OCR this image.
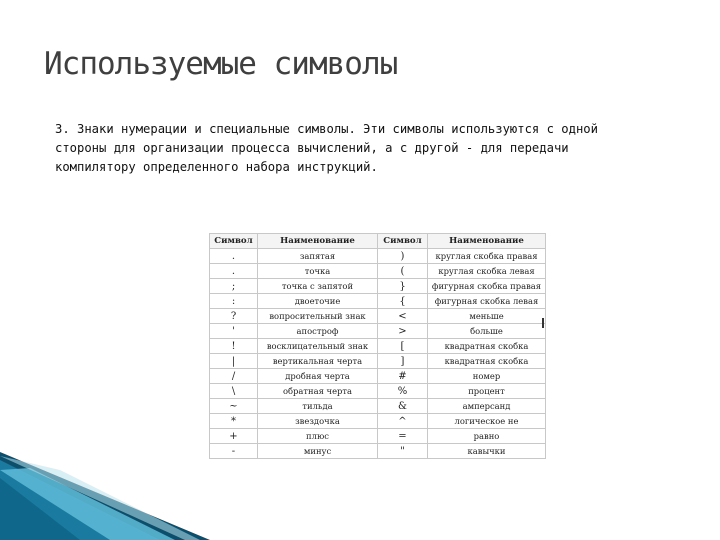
Используемые символы
3. Знаки нумерации и специальные символы. Эти символы используются с одной
стороны для организации процесса вычислений, а с другой - для передачи
компилятору определенного набора инструкций.
Символ	Наименование	Символ	Наименование
.	запятая	)	круглая скобка правая
.	точка	(	круглая скобка левая
;	точка с запятой	}	фигурная скобка правая
:	двоеточие	{	фигурная скобка левая
?	вопросительный знак	<	меньше
'	апостроф	>	больше
!	восклицательный знак	[	квадратная скобка
|	вертикальная черта	]	квадратная скобка
/	дробная черта	#	номер
\	обратная черта	%	процент
~	тильда	&	амперсанд
*	звездочка	^	логическое не
+	плюс	=	равно
-	минус	"	кавычки
